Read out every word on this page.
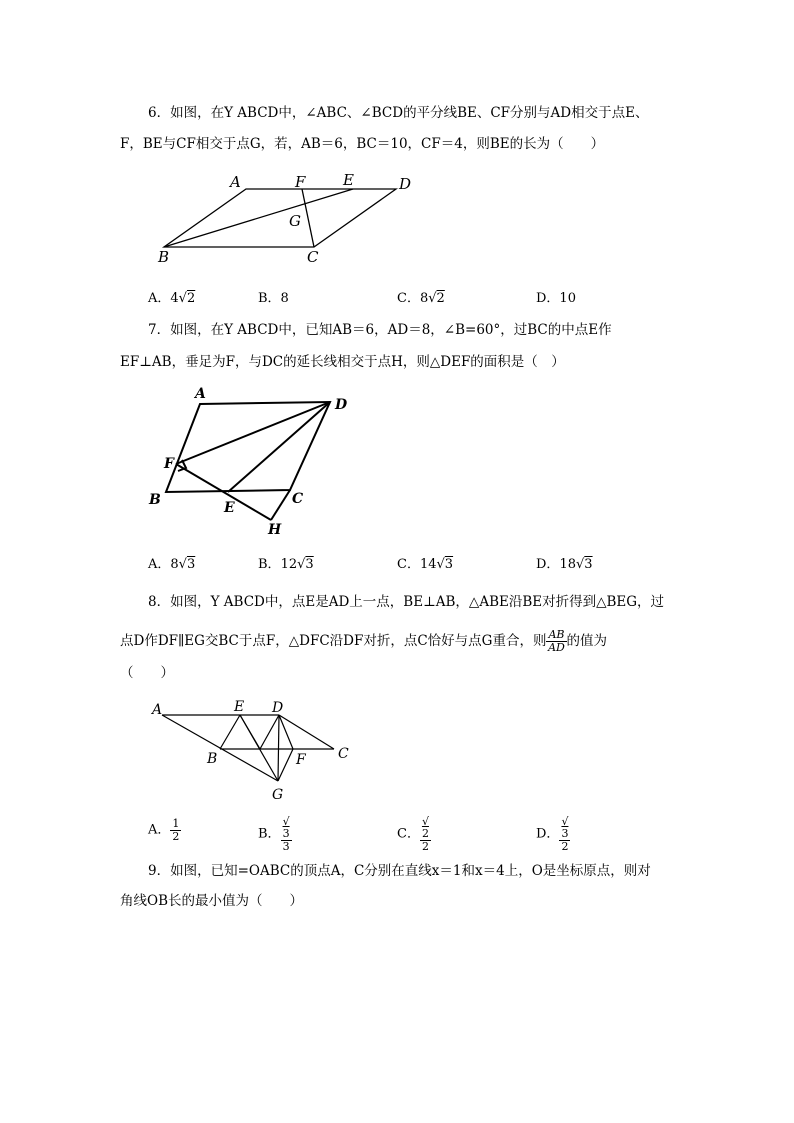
6．如图，在Y ABCD中，∠ABC、∠BCD的平分线BE、CF分别与AD相交于点E、
F，BE与CF相交于点G，若，AB＝6，BC＝10，CF＝4，则BE的长为（　　）
A	F	E	D
G
B	C
A．4√2	B．8	C．8√2	D．10
7．如图，在Y ABCD中，已知AB＝6，AD＝8，∠B=60°，过BC的中点E作
EF⊥AB，垂足为F，与DC的延长线相交于点H，则△DEF的面积是（　）
A
D
F
B	E
C
H
A．8√3	B．12√3	C．14√3	D．18√3
8．如图，Y ABCD中，点E是AD上一点，BE⊥AB，△ABE沿BE对折得到△BEG，过
点D作DF∥EG交BC于点F，△DFC沿DF对折，点C恰好与点G重合，则 $\frac{AB}{AD}$ 的值为
（　　）
A	E D
C
B	F
G
A． $\frac{1}{2}$	B． √
3
3	C． √
2
2	D． √
3
2
9．如图，已知=OABC的顶点A，C分别在直线x＝1和x＝4上，O是坐标原点，则对
角线OB长的最小值为（　　）
